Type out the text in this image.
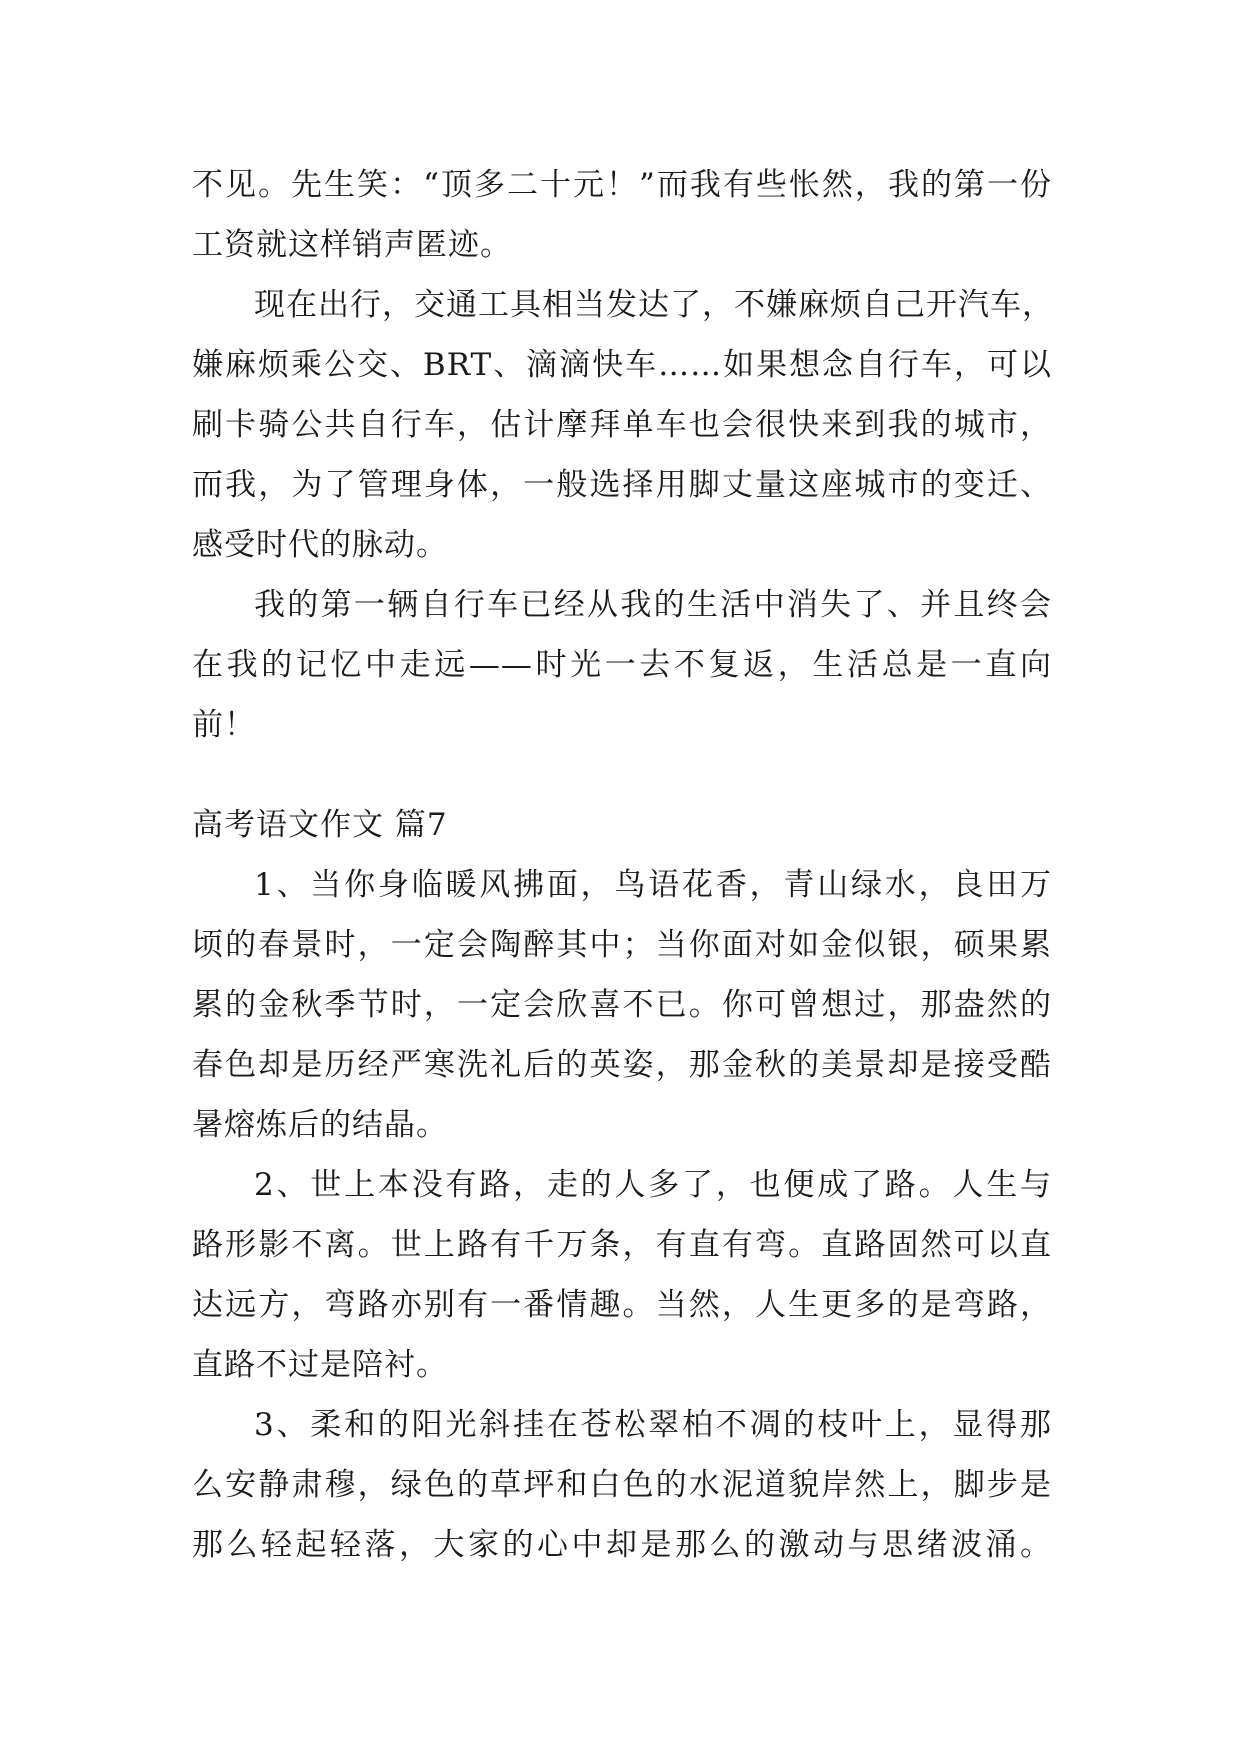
不见。先生笑：“顶多二十元！”而我有些怅然，我的第一份
工资就这样销声匿迹。
现在出行，交通工具相当发达了，不嫌麻烦自己开汽车，
嫌麻烦乘公交、BRT、滴滴快车……如果想念自行车，可以
刷卡骑公共自行车，估计摩拜单车也会很快来到我的城市，
而我，为了管理身体，一般选择用脚丈量这座城市的变迁、
感受时代的脉动。
我的第一辆自行车已经从我的生活中消失了、并且终会
在我的记忆中走远——时光一去不复返，生活总是一直向
前！
高考语文作文 篇7
1、当你身临暖风拂面，鸟语花香，青山绿水，良田万
顷的春景时，一定会陶醉其中；当你面对如金似银，硕果累
累的金秋季节时，一定会欣喜不已。你可曾想过，那盎然的
春色却是历经严寒洗礼后的英姿，那金秋的美景却是接受酷
暑熔炼后的结晶。
2、世上本没有路，走的人多了，也便成了路。人生与
路形影不离。世上路有千万条，有直有弯。直路固然可以直
达远方，弯路亦别有一番情趣。当然，人生更多的是弯路，
直路不过是陪衬。
3、柔和的阳光斜挂在苍松翠柏不凋的枝叶上，显得那
么安静肃穆，绿色的草坪和白色的水泥道貌岸然上，脚步是
那么轻起轻落，大家的心中却是那么的激动与思绪波涌。
